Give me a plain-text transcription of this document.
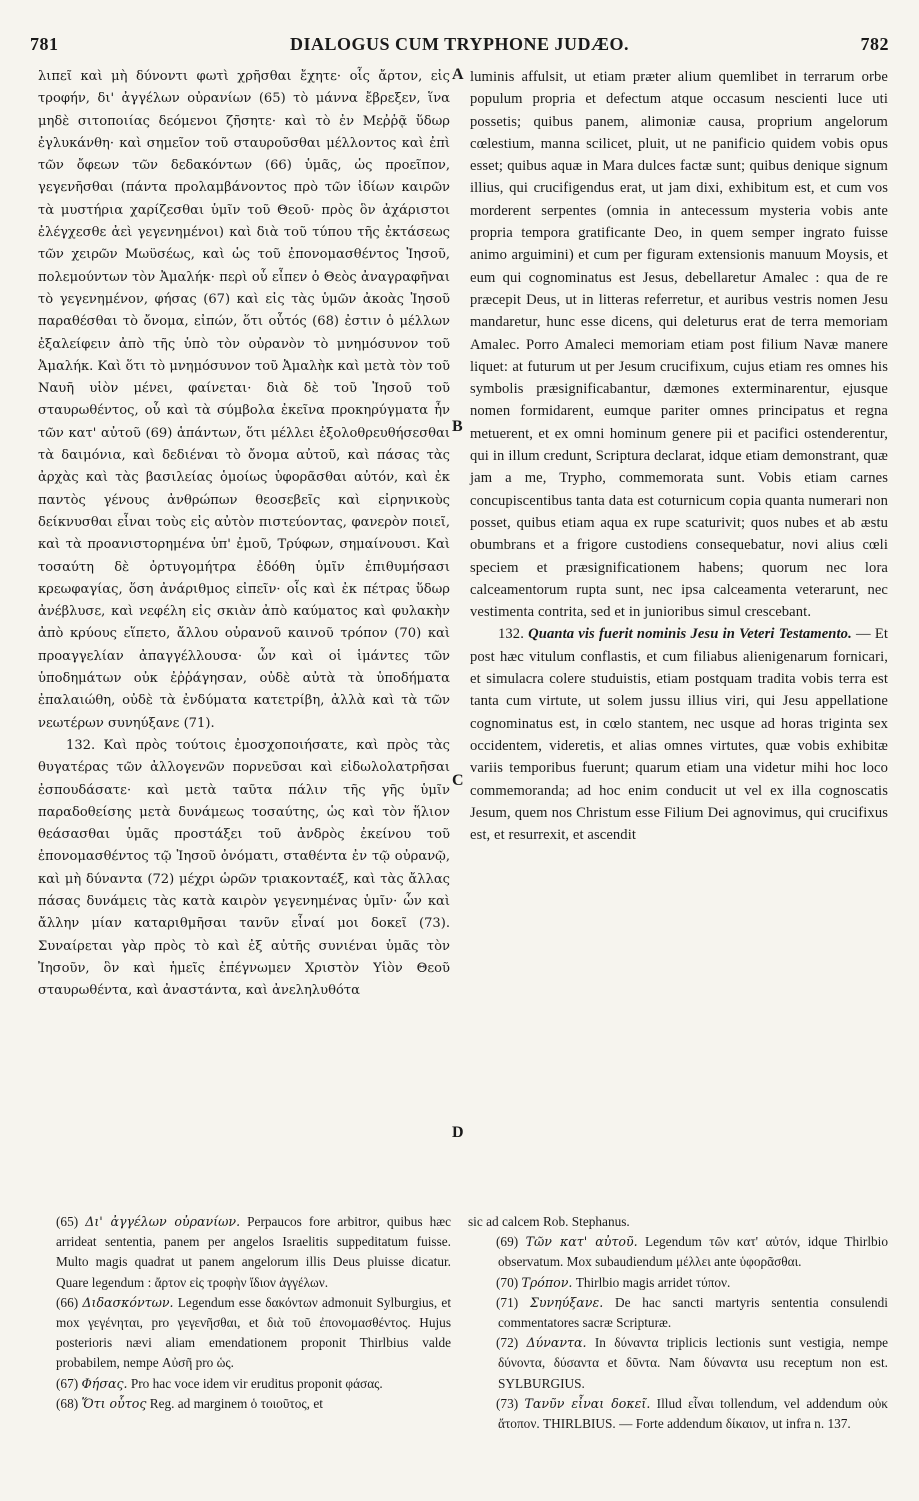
781	DIALOGUS CUM TRYPHONE JUDÆO.	782

λιπεῖ καὶ μὴ δύνοντι φωτὶ χρῆσθαι ἔχητε· οἷς ἄρτον, εἰς τροφήν, δι' ἀγγέλων οὐρανίων (65) τὸ μάννα ἔβρεξεν, ἵνα μηδὲ σιτοποιίας δεόμενοι ζῆσητε· καὶ τὸ ἐν Μεῤῥᾷ ὕδωρ ἐγλυκάνθη· καὶ σημεῖον τοῦ σταυροῦσθαι μέλλοντος καὶ ἐπὶ τῶν ὄφεων τῶν δεδακόντων (66) ὑμᾶς, ὡς προεῖπον, γεγενῆσθαι (πάντα προλαμβάνοντος πρὸ τῶν ἰδίων καιρῶν τὰ μυστήρια χαρίζεσθαι ὑμῖν τοῦ Θεοῦ· πρὸς ὃν ἀχάριστοι ἐλέγχεσθε ἀεὶ γεγενημένοι) καὶ διὰ τοῦ τύπου τῆς ἐκτάσεως τῶν χειρῶν Μωϋσέως, καὶ ὡς τοῦ ἐπονομασθέντος Ἰησοῦ, πολεμούντων τὸν Ἀμαλήκ· περὶ οὗ εἶπεν ὁ Θεὸς ἀναγραφῆναι τὸ γεγενημένον, φήσας (67) καὶ εἰς τὰς ὑμῶν ἀκοὰς Ἰησοῦ παραθέσθαι τὸ ὄνομα, εἰπών, ὅτι οὗτός (68) ἐστιν ὁ μέλλων ἐξαλείφειν ἀπὸ τῆς ὑπὸ τὸν οὐρανὸν τὸ μνημόσυνον τοῦ Ἀμαλήκ. Καὶ ὅτι τὸ μνημόσυνον τοῦ Ἀμαλὴκ καὶ μετὰ τὸν τοῦ Ναυῆ υἱὸν μένει, φαίνεται· διὰ δὲ τοῦ Ἰησοῦ τοῦ σταυρωθέντος, οὗ καὶ τὰ σύμβολα ἐκεῖνα προκηρύγματα ἦν τῶν κατ' αὐτοῦ (69) ἁπάντων, ὅτι μέλλει ἐξολοθρευθήσεσθαι τὰ δαιμόνια, καὶ δεδιέναι τὸ ὄνομα αὐτοῦ, καὶ πάσας τὰς ἀρχὰς καὶ τὰς βασιλείας ὁμοίως ὑφορᾶσθαι αὐτόν, καὶ ἐκ παντὸς γένους ἀνθρώπων θεοσεβεῖς καὶ εἰρηνικοὺς δείκνυσθαι εἶναι τοὺς εἰς αὐτὸν πιστεύοντας, φανερὸν ποιεῖ, καὶ τὰ προανιστορημένα ὑπ' ἐμοῦ, Τρύφων, σημαίνουσι. Καὶ τοσαύτη δὲ ὀρτυγομήτρα ἐδόθη ὑμῖν ἐπιθυμήσασι κρεωφαγίας, ὅση ἀνάριθμος εἰπεῖν· οἷς καὶ ἐκ πέτρας ὕδωρ ἀνέβλυσε, καὶ νεφέλη εἰς σκιὰν ἀπὸ καύματος καὶ φυλακὴν ἀπὸ κρύους εἵπετο, ἄλλου οὐρανοῦ καινοῦ τρόπον (70) καὶ προαγγελίαν ἀπαγγέλλουσα· ὧν καὶ οἱ ἱμάντες τῶν ὑποδημάτων οὐκ ἐῤῥάγησαν, οὐδὲ αὐτὰ τὰ ὑποδήματα ἐπαλαιώθη, οὐδὲ τὰ ἐνδύματα κατετρίβη, ἀλλὰ καὶ τὰ τῶν νεωτέρων συνηύξανε (71).

132. Καὶ πρὸς τούτοις ἐμοσχοποιήσατε, καὶ πρὸς τὰς θυγατέρας τῶν ἀλλογενῶν πορνεῦσαι καὶ εἰδωλολατρῆσαι ἐσπουδάσατε· καὶ μετὰ ταῦτα πάλιν τῆς γῆς ὑμῖν παραδοθείσης μετὰ δυνάμεως τοσαύτης, ὡς καὶ τὸν ἥλιον θεάσασθαι ὑμᾶς προστάξει τοῦ ἀνδρὸς ἐκείνου τοῦ ἐπονομασθέντος τῷ Ἰησοῦ ὀνόματι, σταθέντα ἐν τῷ οὐρανῷ, καὶ μὴ δύναντα (72) μέχρι ὡρῶν τριακονταέξ, καὶ τὰς ἄλλας πάσας δυνάμεις τὰς κατὰ καιρὸν γεγενημένας ὑμῖν· ὧν καὶ ἄλλην μίαν καταριθμῆσαι τανῦν εἶναί μοι δοκεῖ (73). Συναίρεται γὰρ πρὸς τὸ καὶ ἐξ αὐτῆς συνιέναι ὑμᾶς τὸν Ἰησοῦν, ὃν καὶ ἡμεῖς ἐπέγνωμεν Χριστὸν Υἱὸν Θεοῦ σταυρωθέντα, καὶ ἀναστάντα, καὶ ἀνεληλυθότα

A
B
C
D

luminis affulsit, ut etiam præter alium quemlibet in terrarum orbe populum propria et defectum atque occasum nescienti luce uti possetis; quibus panem, alimoniæ causa, proprium angelorum cœlestium, manna scilicet, pluit, ut ne panificio quidem vobis opus esset; quibus aquæ in Mara dulces factæ sunt; quibus denique signum illius, qui crucifigendus erat, ut jam dixi, exhibitum est, et cum vos morderent serpentes (omnia in antecessum mysteria vobis ante propria tempora gratificante Deo, in quem semper ingrato fuisse animo arguimini) et cum per figuram extensionis manuum Moysis, et eum qui cognominatus est Jesus, debellaretur Amalec : qua de re præcepit Deus, ut in litteras referretur, et auribus vestris nomen Jesu mandaretur, hunc esse dicens, qui deleturus erat de terra memoriam Amalec. Porro Amaleci memoriam etiam post filium Navæ manere liquet: at futurum ut per Jesum crucifixum, cujus etiam res omnes his symbolis præsignificabantur, dæmones exterminarentur, ejusque nomen formidarent, eumque pariter omnes principatus et regna metuerent, et ex omni hominum genere pii et pacifici ostenderentur, qui in illum credunt, Scriptura declarat, idque etiam demonstrant, quæ jam a me, Trypho, commemorata sunt. Vobis etiam carnes concupiscentibus tanta data est coturnicum copia quanta numerari non posset, quibus etiam aqua ex rupe scaturivit; quos nubes et ab æstu obumbrans et a frigore custodiens consequebatur, novi alius cœli speciem et præsignificationem habens; quorum nec lora calceamentorum rupta sunt, nec ipsa calceamenta veterarunt, nec vestimenta contrita, sed et in junioribus simul crescebant.

132. Quanta vis fuerit nominis Jesu in Veteri Testamento. — Et post hæc vitulum conflastis, et cum filiabus alienigenarum fornicari, et simulacra colere studuistis, etiam postquam tradita vobis terra est tanta cum virtute, ut solem jussu illius viri, qui Jesu appellatione cognominatus est, in cœlo stantem, nec usque ad horas triginta sex occidentem, videretis, et alias omnes virtutes, quæ vobis exhibitæ variis temporibus fuerunt; quarum etiam una videtur mihi hoc loco commemoranda; ad hoc enim conducit ut vel ex illa cognoscatis Jesum, quem nos Christum esse Filium Dei agnovimus, qui crucifixus est, et resurrexit, et ascendit

(65) Δι' ἀγγέλων οὐρανίων. Perpaucos fore arbitror, quibus hæc arrideat sententia, panem per angelos Israelitis suppeditatum fuisse. Multo magis quadrat ut panem angelorum illis Deus pluisse dicatur. Quare legendum : ἄρτον εἰς τροφὴν ἴδιον ἀγγέλων.

(66) Διδασκόντων. Legendum esse δακόντων admonuit Sylburgius, et mox γεγένηται, pro γεγενῆσθαι, et διὰ τοῦ ἐπονομασθέντος. Hujus posterioris nævi aliam emendationem proponit Thirlbius valde probabilem, nempe Αὐσῆ pro ὡς.

(67) Φήσας. Pro hac voce idem vir eruditus proponit φάσας.

(68) Ὅτι οὗτος Reg. ad marginem ὁ τοιοῦτος, et

sic ad calcem Rob. Stephanus.

(69) Τῶν κατ' αὐτοῦ. Legendum τῶν κατ' αὐτόν, idque Thirlbio observatum. Mox subaudiendum μέλλει ante ὑφορᾶσθαι.

(70) Τρόπον. Thirlbio magis arridet τύπον.

(71) Συνηύξανε. De hac sancti martyris sententia consulendi commentatores sacræ Scripturæ.

(72) Δύναντα. In δύναντα triplicis lectionis sunt vestigia, nempe δύνοντα, δύσαντα et δῦντα. Nam δύναντα usu receptum non est. SYLBURGIUS.

(73) Τανῦν εἶναι δοκεῖ. Illud εἶναι tollendum, vel addendum οὐκ ἄτοπον. THIRLBIUS. — Forte addendum δίκαιον, ut infra n. 137.
